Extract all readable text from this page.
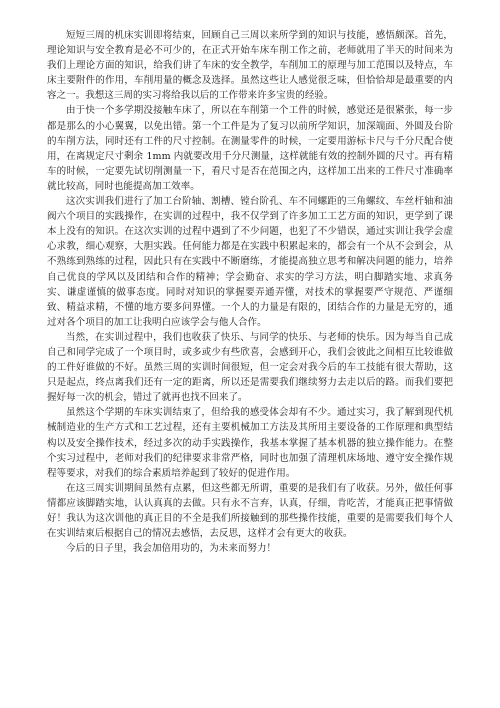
短短三周的机床实训即将结束，回顾自己三周以来所学到的知识与技能，感悟颇深。首先，理论知识与安全教育是必不可少的，在正式开始车床车削工作之前，老师就用了半天的时间来为我们上理论方面的知识，给我们讲了车床的安全教学，车削加工的原理与加工范围以及特点，车床主要附件的作用，车削用量的概念及选择。虽然这些让人感觉很乏味，但恰恰却是最重要的内容之一。我想这三周的实习将给我以后的工作带来许多宝贵的经验。

由于快一个多学期没接触车床了，所以在车削第一个工件的时候，感觉还是很紧张，每一步都是那么的小心翼翼，以免出错。第一个工件是为了复习以前所学知识，加深端面、外圆及台阶的车削方法，同时还有工件的尺寸控制。在测量零件的时候，一定要用游标卡尺与千分尺配合使用，在离规定尺寸剩余 1mm 内就要改用千分尺测量，这样就能有效的控制外圆的尺寸。再有精车的时候，一定要先试切削测量一下，看尺寸是否在范围之内，这样加工出来的工件尺寸准确率就比较高，同时也能提高加工效率。

这次实训我们进行了加工台阶轴、割槽、镗台阶孔、车不同螺距的三角螺纹、车丝杆轴和油阀六个项目的实践操作，在实训的过程中，我不仅学到了许多加工工艺方面的知识，更学到了课本上没有的知识。在这次实训的过程中遇到了不少问题，也犯了不少错误，通过实训让我学会虚心求教，细心观察，大胆实践。任何能力都是在实践中积累起来的，都会有一个从不会到会，从不熟练到熟练的过程，因此只有在实践中不断磨练，才能提高独立思考和解决问题的能力，培养自己优良的学风以及团结和合作的精神；学会勤奋、求实的学习方法，明白脚踏实地、求真务实、谦虚谨慎的做事态度。同时对知识的掌握要弄通弄懂，对技术的掌握要严守规范、严谨细致、精益求精，不懂的地方要多问界懂。一个人的力量是有限的，团结合作的力量是无穷的，通过对各个项目的加工让我明白应该学会与他人合作。

当然，在实训过程中，我们也收获了快乐、与同学的快乐、与老师的快乐。因为每当自己成自己和同学完成了一个项目时，或多或少有些欣喜，会感到开心，我们会彼此之间相互比较谁做的工件好谁做的不好。虽然三周的实训时间很短，但一定会对我今后的车工技能有很大帮助，这只是起点，终点离我们还有一定的距离，所以还是需要我们继续努力去走以后的路。而我们要把握好每一次的机会，错过了就再也找不回来了。

虽然这个学期的车床实训结束了，但给我的感受体会却有不少。通过实习，我了解到现代机械制造业的生产方式和工艺过程，还有主要机械加工方法及其所用主要设备的工作原理和典型结构以及安全操作技术，经过多次的动手实践操作，我基本掌握了基本机器的独立操作能力。在整个实习过程中，老师对我们的纪律要求非常严格，同时也加强了清理机床场地、遵守安全操作规程等要求，对我们的综合素质培养起到了较好的促进作用。

在这三周实训期间虽然有点累，但这些都无所谓，重要的是我们有了收获。另外，做任何事情都应该脚踏实地，认认真真的去做。只有永不言弃，认真，仔细，肯吃苦，才能真正把事情做好！我认为这次训他的真正目的不全是我们所接触到的那些操作技能，重要的是需要我们每个人在实训结束后根据自己的情况去感悟，去反思，这样才会有更大的收获。

今后的日子里，我会加倍用功的，为未来而努力！
